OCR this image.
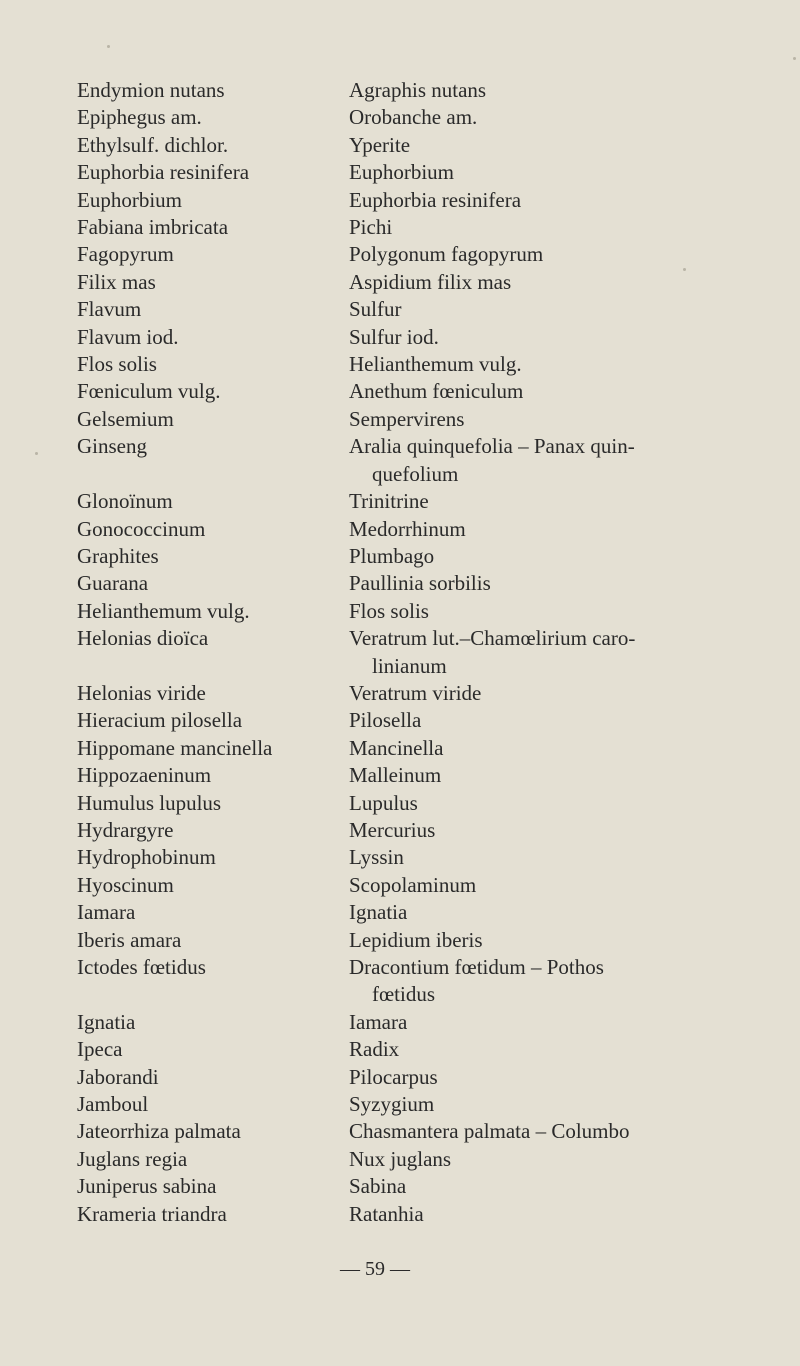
Endymion nutans	Agraphis nutans
Epiphegus am.	Orobanche am.
Ethylsulf. dichlor.	Yperite
Euphorbia resinifera	Euphorbium
Euphorbium	Euphorbia resinifera
Fabiana imbricata	Pichi
Fagopyrum	Polygonum fagopyrum
Filix mas	Aspidium filix mas
Flavum	Sulfur
Flavum iod.	Sulfur iod.
Flos solis	Helianthemum vulg.
Fœniculum vulg.	Anethum fœniculum
Gelsemium	Sempervirens
Ginseng	Aralia quinquefolia – Panax quin-
quefolium
Glonoïnum	Trinitrine
Gonococcinum	Medorrhinum
Graphites	Plumbago
Guarana	Paullinia sorbilis
Helianthemum vulg.	Flos solis
Helonias dioïca	Veratrum lut.–Chamœlirium caro-
linianum
Helonias viride	Veratrum viride
Hieracium pilosella	Pilosella
Hippomane mancinella	Mancinella
Hippozaeninum	Malleinum
Humulus lupulus	Lupulus
Hydrargyre	Mercurius
Hydrophobinum	Lyssin
Hyoscinum	Scopolaminum
Iamara	Ignatia
Iberis amara	Lepidium iberis
Ictodes fœtidus	Dracontium fœtidum – Pothos
fœtidus
Ignatia	Iamara
Ipeca	Radix
Jaborandi	Pilocarpus
Jamboul	Syzygium
Jateorrhiza palmata	Chasmantera palmata – Columbo
Juglans regia	Nux juglans
Juniperus sabina	Sabina
Krameria triandra	Ratanhia
— 59 —
